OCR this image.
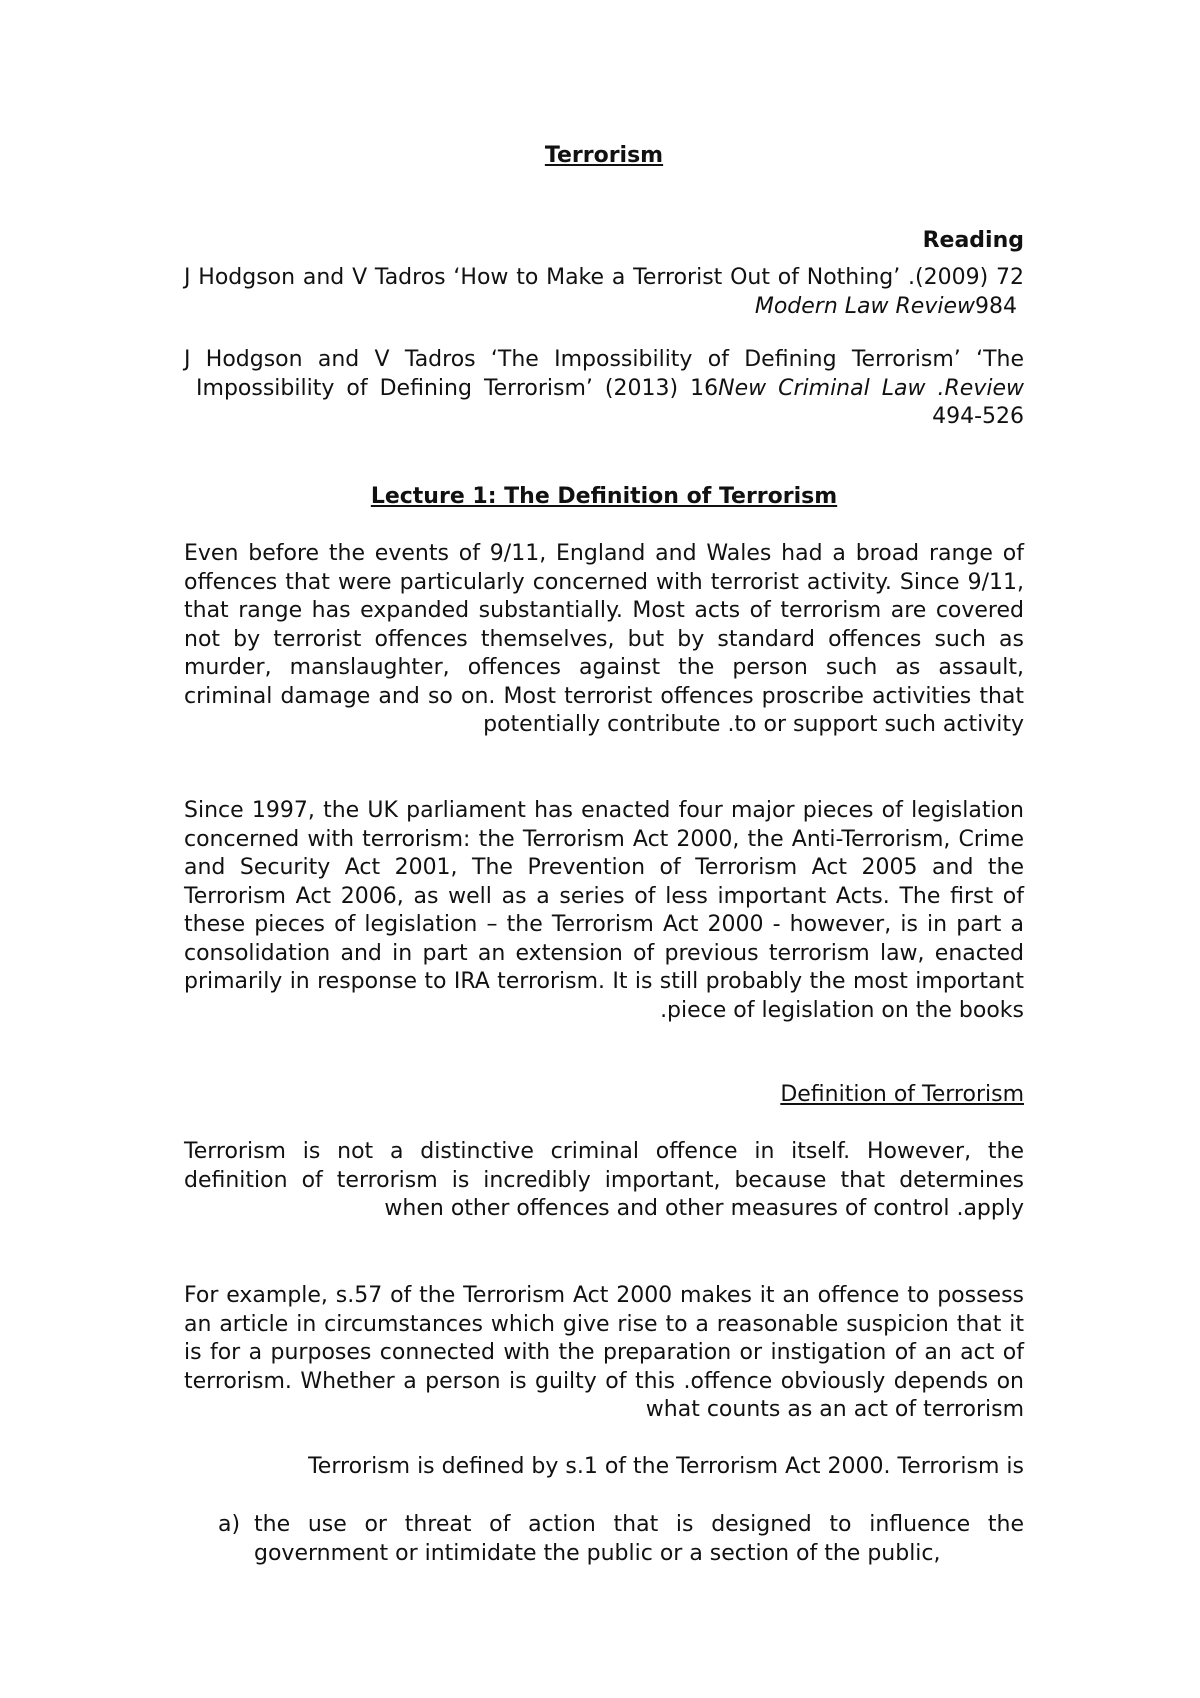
Terrorism
Reading
J Hodgson and V Tadros ‘How to Make a Terrorist Out of Nothing’ .(2009) 72 Modern Law Review 984
J Hodgson and V Tadros ‘The Impossibility of Defining Terrorism’ ‘The Impossibility of Defining Terrorism’ (2013) 16 New Criminal Law .Review 494-526
Lecture 1: The Definition of Terrorism
Even before the events of 9/11, England and Wales had a broad range of offences that were particularly concerned with terrorist activity. Since 9/11, that range has expanded substantially. Most acts of terrorism are covered not by terrorist offences themselves, but by standard offences such as murder, manslaughter, offences against the person such as assault, criminal damage and so on. Most terrorist offences proscribe activities that potentially contribute .to or support such activity
Since 1997, the UK parliament has enacted four major pieces of legislation concerned with terrorism: the Terrorism Act 2000, the Anti-Terrorism, Crime and Security Act 2001, The Prevention of Terrorism Act 2005 and the Terrorism Act 2006, as well as a series of less important Acts. The first of these pieces of legislation – the Terrorism Act 2000 - however, is in part a consolidation and in part an extension of previous terrorism law, enacted primarily in response to IRA terrorism. It is still probably the most important .piece of legislation on the books
Definition of Terrorism
Terrorism is not a distinctive criminal offence in itself. However, the definition of terrorism is incredibly important, because that determines when other offences and other measures of control .apply
For example, s.57 of the Terrorism Act 2000 makes it an offence to possess an article in circumstances which give rise to a reasonable suspicion that it is for a purposes connected with the preparation or instigation of an act of terrorism. Whether a person is guilty of this .offence obviously depends on what counts as an act of terrorism
Terrorism is defined by s.1 of the Terrorism Act 2000. Terrorism is
a) the use or threat of action that is designed to influence the government or intimidate the public or a section of the public,
